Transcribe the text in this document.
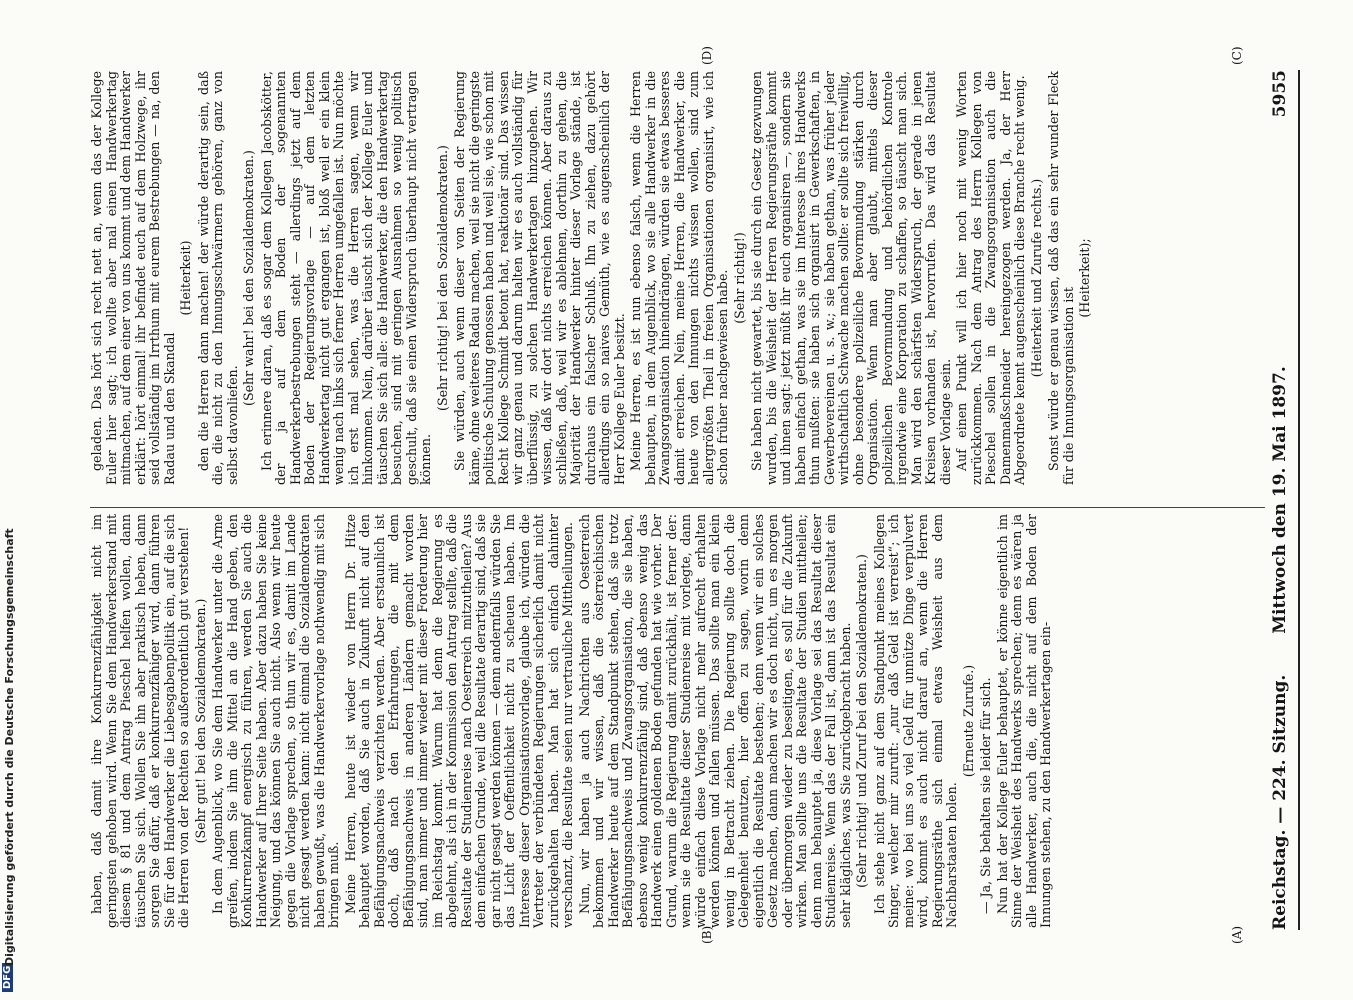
Reichstag. — 224. Sitzung.
Mittwoch den 19. Mai 1897.
5955
(A)
(B)
(C)
(D)

haben, daß damit ihre Konkurrenzfähigkeit nicht im geringsten gehoben wird. Wenn Sie dem Handwerkerstand mit diesem § 81 und dem Antrag Pieschel helfen wollen, dann täuschen Sie sich. Wollen Sie ihn aber praktisch heben, dann sorgen Sie dafür, daß er konkurrenzfähiger wird, dann führen Sie für den Handwerker die Liebesgabenpolitik ein, auf die sich die Herren von der Rechten so außerordentlich gut verstehen! (Sehr gut! bei den Sozialdemokraten.) In dem Augenblick, wo Sie dem Handwerker unter die Arme greifen, indem Sie ihm die Mittel an die Hand geben, den Konkurrenzkampf energisch zu führen, werden Sie auch die Handwerker auf Ihrer Seite haben. Aber dazu haben Sie keine Neigung, und das können Sie auch nicht. Also wenn wir heute gegen die Vorlage sprechen, so thun wir es, damit im Lande nicht gesagt werden kann: nicht einmal die Sozialdemokraten haben gewußt, was die Handwerkervorlage nothwendig mit sich bringen muß. Meine Herren, heute ist wieder von Herrn Dr. Hitze behauptet worden, daß Sie auch in Zukunft nicht auf den Befähigungsnachweis verzichten werden. Aber erstaunlich ist doch, daß nach den Erfahrungen, die mit dem Befähigungsnachweis in anderen Ländern gemacht worden sind, man immer und immer wieder mit dieser Forderung hier im Reichstag kommt. Warum hat denn die Regierung es abgelehnt, als ich in der Kommission den Antrag stellte, daß die Resultate der Studienreise nach Oesterreich mitzutheilen? Aus dem einfachen Grunde, weil die Resultate derartig sind, daß sie gar nicht gesagt werden können — denn andernfalls würden Sie das Licht der Oeffentlichkeit nicht zu scheuen haben. Im Interesse dieser Organisationsvorlage, glaube ich, würden die Vertreter der verbündeten Regierungen sicherlich damit nicht zurückgehalten haben. Man hat sich einfach dahinter verschanzt, die Resultate seien nur vertrauliche Mittheilungen. Nun, wir haben ja auch Nachrichten aus Oesterreich bekommen und wir wissen, daß die österreichischen Handwerker heute auf dem Standpunkt stehen, daß sie trotz Befähigungsnachweis und Zwangsorganisation, die sie haben, ebenso wenig konkurrenzfähig sind, daß ebenso wenig das Handwerk einen goldenen Boden gefunden hat wie vorher. Der Grund, warum die Regierung damit zurückhält, ist ferner der: wenn sie die Resultate dieser Studienreise mit vorlegte, dann würde einfach diese Vorlage nicht mehr aufrecht erhalten werden können und fallen müssen. Das sollte man ein klein wenig in Betracht ziehen. Die Regierung sollte doch die Gelegenheit benutzen, hier offen zu sagen, worin denn eigentlich die Resultate bestehen; denn wenn wir ein solches Gesetz machen, dann machen wir es doch nicht, um es morgen oder übermorgen wieder zu beseitigen, es soll für die Zukunft wirken. Man sollte uns die Resultate der Studien mittheilen; denn man behauptet ja, diese Vorlage sei das Resultat dieser Studienreise. Wenn das der Fall ist, dann ist das Resultat ein sehr klägliches, was Sie zurückgebracht haben. (Sehr richtig! und Zuruf bei den Sozialdemokraten.) Ich stehe nicht ganz auf dem Standpunkt meines Kollegen Singer, welcher mir zuruft: „nur daß Geld ist verreist“; ich meine: wo bei uns so viel Geld für unnütze Dinge verpulvert wird, kommt es auch nicht darauf an, wenn die Herren Regierungsräthe sich einmal etwas Weisheit aus dem Nachbarstaaten holen.

(Erneute Zurufe.) — Ja, Sie behalten sie leider für sich. Nun hat der Kollege Euler behauptet, er könne eigentlich im Sinne der Weisheit des Handwerks sprechen; denn es wären ja alle Handwerker, auch die, die nicht auf dem Boden der Innungen stehen, zu den Handwerkertagen ein-

geladen. Das hört sich recht nett an, wenn das der Kollege Euler hier sagt; ich wollte aber mal einen Handwerkertag mitmachen, auf dem einer von uns kommt und dem Handwerker erklärt: hört einmal! ihr befindet euch auf dem Holzwege, ihr seid vollständig im Irrthum mit eurem Bestrebungen — na, den Radau und den Skandal

(Heiterkeit) den die Herren dann machen! der würde derartig sein, daß die, die nicht zu den Innungsschwärmern gehören, ganz von selbst davonliefen.

(Sehr wahr! bei den Sozialdemokraten.) Ich erinnere daran, daß es sogar dem Kollegen Jacobskötter, der ja auf dem Boden der sogenannten Handwerkerbestrebungen steht — allerdings jetzt auf dem Boden der Regierungsvorlage — auf dem letzten Handwerkertag nicht gut ergangen ist, bloß weil er ein klein wenig nach links sich ferner Herren umgefallen ist. Nun möchte ich erst mal sehen, was die Herren sagen, wenn wir hinkommen. Nein, darüber täuscht sich der Kollege Euler und täuschen Sie sich alle: die Handwerker, die den Handwerkertag besuchen, sind mit geringen Ausnahmen so wenig politisch geschult, daß sie einen Widerspruch überhaupt nicht vertragen können.

(Sehr richtig! bei den Sozialdemokraten.) Sie würden, auch wenn dieser von Seiten der Regierung käme, ohne weiteres Radau machen, weil sie nicht die geringste politische Schulung genossen haben und weil sie, wie schon mit Recht Kollege Schmidt betont hat, reaktionär sind. Das wissen wir ganz genau und darum halten wir es auch vollständig für überflüssig, zu solchen Handwerkertagen hinzugehen. Wir wissen, daß wir dort nichts erreichen können. Aber daraus zu schließen, daß, weil wir es ablehnen, dorthin zu gehen, die Majorität der Handwerker hinter dieser Vorlage stände, ist durchaus ein falscher Schluß. Ihn zu ziehen, dazu gehört allerdings ein so naives Gemüth, wie es augenscheinlich der Herr Kollege Euler besitzt. Meine Herren, es ist nun ebenso falsch, wenn die Herren behaupten, in dem Augenblick, wo sie alle Handwerker in die Zwangsorganisation hineindrängen, würden sie etwas besseres damit erreichen. Nein, meine Herren, die Handwerker, die heute von den Innungen nichts wissen wollen, sind zum allergrößten Theil in freien Organisationen organisirt, wie ich schon früher nachgewiesen habe. (Sehr richtig!) Sie haben nicht gewartet, bis sie durch ein Gesetz gezwungen wurden, bis die Weisheit der Herren Regierungsräthe kommt und ihnen sagt: jetzt müßt ihr euch organisiren —, sondern sie haben einfach gethan, was sie im Interesse ihres Handwerks thun mußten: sie haben sich organisirt in Gewerkschaften, in Gewerbevereinen u. s. w.; sie haben gethan, was früher jeder wirthschaftlich Schwache machen sollte: er sollte sich freiwillig, ohne besondere polizeiliche Bevormundung stärken durch Organisation. Wenn man aber glaubt, mittels dieser polizeilichen Bevormundung und behördlichen Kontrole irgendwie eine Korporation zu schaffen, so täuscht man sich. Man wird den schärfsten Widerspruch, der gerade in jenen Kreisen vorhanden ist, hervorrufen. Das wird das Resultat dieser Vorlage sein. Auf einen Punkt will ich hier noch mit wenig Worten zurückkommen. Nach dem Antrag des Herrn Kollegen von Pieschel sollen in die Zwangsorganisation auch die Damenmaßschneider hereingezogen werden. Ja, der Herr Abgeordnete kennt augenscheinlich diese Branche recht wenig. (Heiterkeit und Zurufe rechts.) Sonst würde er genau wissen, daß das ein sehr wunder Fleck für die Innungsorganisation ist

(Heiterkeit);

DFG
Digitalisierung gefördert durch die Deutsche Forschungsgemeinschaft
